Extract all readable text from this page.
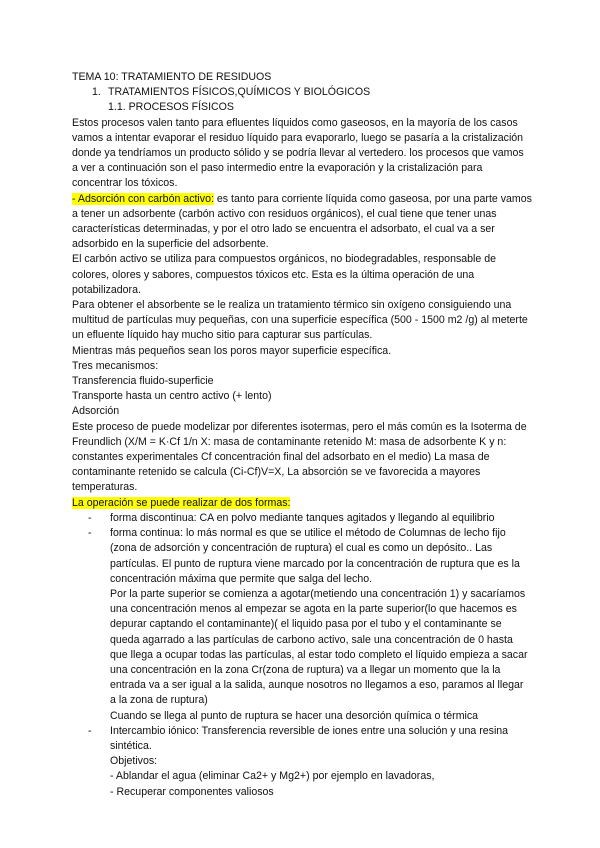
TEMA 10: TRATAMIENTO DE RESIDUOS

1. TRATAMIENTOS FÍSICOS,QUÍMICOS Y BIOLÓGICOS

1.1. PROCESOS FÍSICOS

Estos procesos valen tanto para efluentes líquidos como gaseosos, en la mayoría de los casos vamos a intentar evaporar el residuo líquido para evaporarlo, luego se pasaría a la cristalización donde ya tendríamos un producto sólido y se podría llevar al vertedero. los procesos que vamos a ver a continuación son el paso intermedio entre la evaporación y la cristalización para concentrar los tóxicos.

- Adsorción con carbón activo: es tanto para corriente líquida como gaseosa, por una parte vamos a tener un adsorbente (carbón activo con residuos orgánicos), el cual tiene que tener unas características determinadas, y por el otro lado se encuentra el adsorbato, el cual va a ser adsorbido en la superficie del adsorbente.

El carbón activo se utiliza para compuestos orgánicos, no biodegradables, responsable de colores, olores y sabores, compuestos tóxicos etc. Esta es la última operación de una potabilizadora.

Para obtener el absorbente se le realiza un tratamiento térmico sin oxígeno consiguiendo una multitud de partículas muy pequeñas, con una superficie específica (500 - 1500 m2 /g) al meterte un efluente líquido hay mucho sitio para capturar sus partículas.

Mientras más pequeños sean los poros mayor superficie específica.

Tres mecanismos:

Transferencia fluido-superficie

Transporte hasta un centro activo (+ lento)

Adsorción

Este proceso de puede modelizar por diferentes isotermas, pero el más común es la Isoterma de Freundlich (X/M = K·Cf 1/n X: masa de contaminante retenido M: masa de adsorbente K y n: constantes experimentales Cf concentración final del adsorbato en el medio) La masa de contaminante retenido se calcula (Ci-Cf)V=X, La absorción se ve favorecida a mayores temperaturas.

La operación se puede realizar de dos formas:

- forma discontinua: CA en polvo mediante tanques agitados y llegando al equilibrio
- forma continua: lo más normal es que se utilice el método de Columnas de lecho fijo (zona de adsorción y concentración de ruptura) el cual es como un depósito.. Las partículas. El punto de ruptura viene marcado por la concentración de ruptura que es la concentración máxima que permite que salga del lecho.

Por la parte superior se comienza a agotar(metiendo una concentración 1) y sacaríamos una concentración menos al empezar se agota en la parte superior(lo que hacemos es depurar captando el contaminante)( el liquido pasa por el tubo y el contaminante se queda agarrado a las partículas de carbono activo, sale una concentración de 0 hasta que llega a ocupar todas las partículas, al estar todo completo el líquido empieza a sacar una concentración en la zona Cr(zona de ruptura) va a llegar un momento que la la entrada va a ser igual a la salida, aunque nosotros no llegamos a eso, paramos al llegar a la zona de ruptura)

Cuando se llega al punto de ruptura se hacer una desorción química o térmica

- Intercambio iónico: Transferencia reversible de iones entre una solución y una resina sintética.

Objetivos:

- Ablandar el agua (eliminar Ca2+ y Mg2+) por ejemplo en lavadoras,

- Recuperar componentes valiosos
